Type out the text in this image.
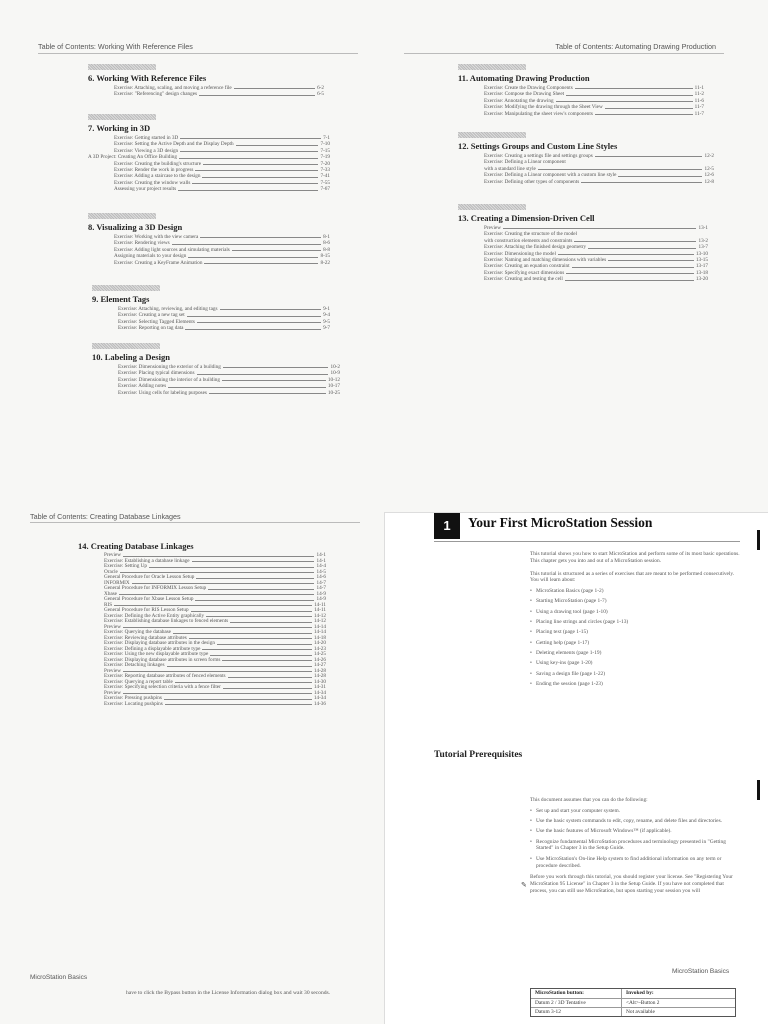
Table of Contents: Working With Reference Files
6. Working With Reference Files
Exercise: Attaching, scaling, and moving a reference file	6-2
Exercise: "Referencing" design changes	6-5
7. Working in 3D
Exercise: Getting started in 3D	7-1
Exercise: Setting the Active Depth and the Display Depth	7-10
Exercise: Viewing a 3D design	7-15
A 3D Project: Creating An Office Building	7-19
Exercise: Creating the building's structure	7-20
Exercise: Render the work in progress	7-33
Exercise: Adding a staircase to the design	7-41
Exercise: Creating the window walls	7-55
Assessing your project results	7-67
8. Visualizing a 3D Design
Exercise: Working with the view camera	8-1
Exercise: Rendering views	8-6
Exercise: Adding light sources and simulating materials	8-8
Assigning materials to your design	8-15
Exercise: Creating a KeyFrame Animation	8-22
9. Element Tags
Exercise: Attaching, reviewing, and editing tags	9-1
Exercise: Creating a new tag set	9-4
Exercise: Selecting Tagged Elements	9-5
Exercise: Reporting on tag data	9-7
10. Labeling a Design
Exercise: Dimensioning the exterior of a building	10-2
Exercise: Placing typical dimensions	10-9
Exercise: Dimensioning the interior of a building	10-12
Exercise: Adding notes	10-17
Exercise: Using cells for labeling purposes	10-25
Table of Contents: Automating Drawing Production
11. Automating Drawing Production
Exercise: Create the Drawing Components	11-1
Exercise: Compose the Drawing Sheet	11-2
Exercise: Annotating the drawing	11-6
Exercise: Modifying the drawing through the Sheet View	11-7
Exercise: Manipulating the sheet view's components	11-7
12. Settings Groups and Custom Line Styles
Exercise: Creating a settings file and settings groups	12-2
Exercise: Defining a Linear component
with a standard line style	12-5
Exercise: Defining a Linear component with a custom line style	12-6
Exercise: Defining other types of components	12-8
13. Creating a Dimension-Driven Cell
Preview	13-1
Exercise: Creating the structure of the model
with construction elements and constraints	13-2
Exercise: Attaching the finished design geometry	13-7
Exercise: Dimensioning the model	13-10
Exercise: Naming and matching dimensions with variables	13-15
Exercise: Creating an equation constraint	13-17
Exercise: Specifying exact dimensions	13-18
Exercise: Creating and testing the cell	13-20
Table of Contents: Creating Database Linkages
14. Creating Database Linkages
Preview	14-1
Exercise: Establishing a database linkage	14-1
Exercise: Setting Up	14-4
Oracle	14-5
General Procedure for Oracle Lesson Setup	14-6
INFORMIX	14-7
General Procedure for INFORMIX Lesson Setup	14-7
Xbase	14-9
General Procedure for Xbase Lesson Setup	14-9
RIS	14-11
General Procedure for RIS Lesson Setup	14-11
Exercise: Defining the Active Entity graphically	14-12
Exercise: Establishing database linkages to fenced elements	14-12
Preview	14-14
Exercise: Querying the database	14-14
Exercise: Reviewing database attributes	14-18
Exercise: Displaying database attributes in the design	14-20
Exercise: Defining a displayable attribute type	14-23
Exercise: Using the new displayable attribute type	14-25
Exercise: Displaying database attributes in screen forms	14-26
Exercise: Detaching linkages	14-27
Preview	14-28
Exercise: Reporting database attributes of fenced elements	14-28
Exercise: Querying a report table	14-30
Exercise: Specifying selection criteria with a fence filter	14-31
Preview	14-34
Exercise: Pressing pushpins	14-34
Exercise: Locating pushpins	14-36
MicroStation Basics
1	Your First MicroStation Session

This tutorial shows you how to start MicroStation and perform some of its most basic operations. This chapter gets you into and out of a MicroStation session.

This tutorial is structured as a series of exercises that are meant to be performed consecutively. You will learn about:

• MicroStation Basics (page 1-2)
• Starting MicroStation (page 1-7)
• Using a drawing tool (page 1-10)
• Placing line strings and circles (page 1-13)
• Placing text (page 1-15)
• Getting help (page 1-17)
• Deleting elements (page 1-19)
• Using key-ins (page 1-20)
• Saving a design file (page 1-22)
• Ending the session (page 1-23)
Tutorial Prerequisites

This document assumes that you can do the following:

• Set up and start your computer system.
• Use the basic system commands to edit, copy, rename, and delete files and directories.
• Use the basic features of Microsoft Windows™ (if applicable).
• Recognize fundamental MicroStation procedures and terminology presented in "Getting Started" in Chapter 3 in the Setup Guide.
• Use MicroStation's On-line Help system to find additional information on any term or procedure described.

Before you work through this tutorial, you should register your license. See "Registering Your MicroStation 95 License" in Chapter 3 in the Setup Guide. If you have not completed that process, you can still use MicroStation, but upon starting your session you will

✎
MicroStation Basics
MicroStation button:	Invoked by:
Datum 2 / 3D Tentative	<Alt>-Button 2
Datum 3-12	Not available
have to click the Bypass button in the License Information dialog box and wait 30 seconds.
